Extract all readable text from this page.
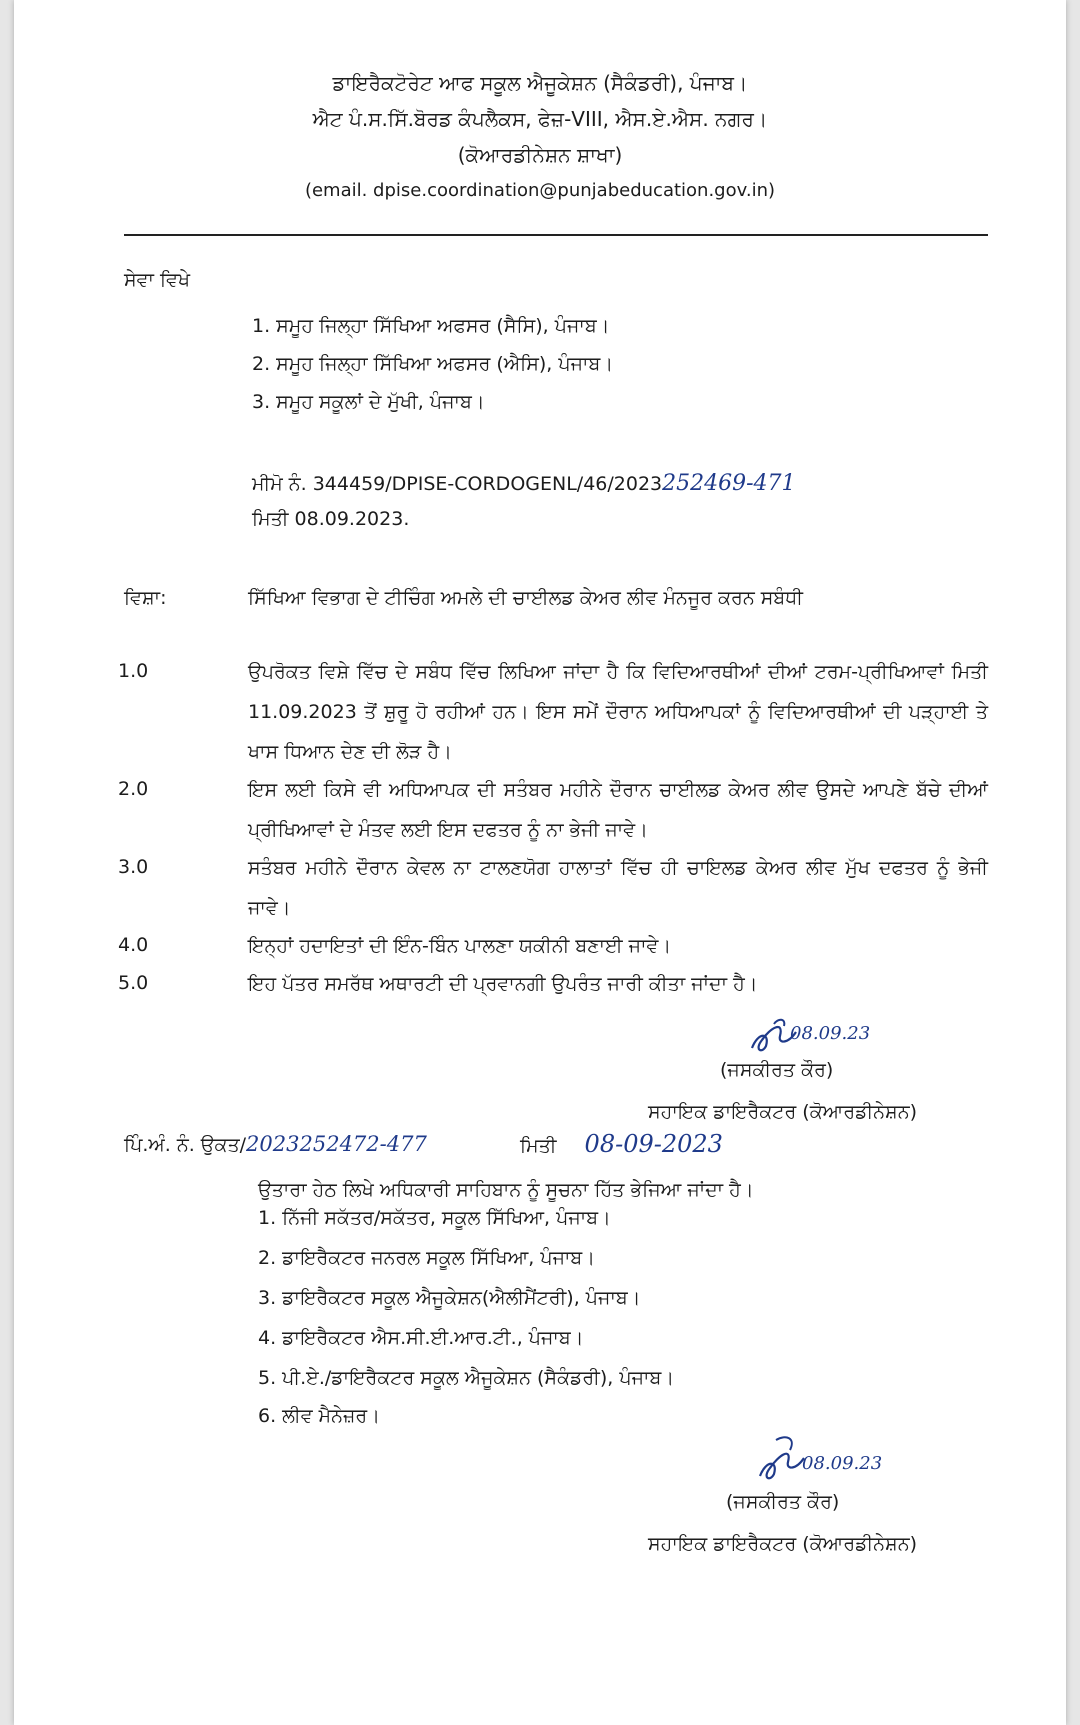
ਡਾਇਰੈਕਟੋਰੇਟ ਆਫ ਸਕੂਲ ਐਜੂਕੇਸ਼ਨ (ਸੈਕੰਡਰੀ), ਪੰਜਾਬ।
ਐਟ ਪੰ.ਸ.ਸਿੱ.ਬੋਰਡ ਕੰਪਲੈਕਸ, ਫੇਜ਼-VIII, ਐਸ.ਏ.ਐਸ. ਨਗਰ।
(ਕੋਆਰਡੀਨੇਸ਼ਨ ਸ਼ਾਖਾ)
(email. dpise.coordination@punjabeducation.gov.in)
ਸੇਵਾ ਵਿਖੇ
1. ਸਮੂਹ ਜਿਲ੍ਹਾ ਸਿੱਖਿਆ ਅਫਸਰ (ਸੈਸਿ), ਪੰਜਾਬ।
2. ਸਮੂਹ ਜਿਲ੍ਹਾ ਸਿੱਖਿਆ ਅਫਸਰ (ਐਸਿ), ਪੰਜਾਬ।
3. ਸਮੂਹ ਸਕੂਲਾਂ ਦੇ ਮੁੱਖੀ, ਪੰਜਾਬ।
ਮੀਮੋ ਨੰ. 344459/DPISE-CORDOGENL/46/2023252469-471
ਮਿਤੀ 08.09.2023.
ਵਿਸ਼ਾ:	ਸਿੱਖਿਆ ਵਿਭਾਗ ਦੇ ਟੀਚਿੰਗ ਅਮਲੇ ਦੀ ਚਾਈਲਡ ਕੇਅਰ ਲੀਵ ਮੰਨਜੂਰ ਕਰਨ ਸਬੰਧੀ
1.0	ਉਪਰੋਕਤ ਵਿਸ਼ੇ ਵਿੱਚ ਦੇ ਸਬੰਧ ਵਿੱਚ ਲਿਖਿਆ ਜਾਂਦਾ ਹੈ ਕਿ ਵਿਦਿਆਰਥੀਆਂ ਦੀਆਂ ਟਰਮ-ਪ੍ਰੀਖਿਆਵਾਂ ਮਿਤੀ 11.09.2023 ਤੋਂ ਸ਼ੁਰੂ ਹੋ ਰਹੀਆਂ ਹਨ। ਇਸ ਸਮੇਂ ਦੌਰਾਨ ਅਧਿਆਪਕਾਂ ਨੂੰ ਵਿਦਿਆਰਥੀਆਂ ਦੀ ਪੜ੍ਹਾਈ ਤੇ ਖਾਸ ਧਿਆਨ ਦੇਣ ਦੀ ਲੋੜ ਹੈ।
2.0	ਇਸ ਲਈ ਕਿਸੇ ਵੀ ਅਧਿਆਪਕ ਦੀ ਸਤੰਬਰ ਮਹੀਨੇ ਦੌਰਾਨ ਚਾਈਲਡ ਕੇਅਰ ਲੀਵ ਉਸਦੇ ਆਪਣੇ ਬੱਚੇ ਦੀਆਂ ਪ੍ਰੀਖਿਆਵਾਂ ਦੇ ਮੰਤਵ ਲਈ ਇਸ ਦਫਤਰ ਨੂੰ ਨਾ ਭੇਜੀ ਜਾਵੇ।
3.0	ਸਤੰਬਰ ਮਹੀਨੇ ਦੌਰਾਨ ਕੇਵਲ ਨਾ ਟਾਲਣਯੋਗ ਹਾਲਾਤਾਂ ਵਿੱਚ ਹੀ ਚਾਇਲਡ ਕੇਅਰ ਲੀਵ ਮੁੱਖ ਦਫਤਰ ਨੂੰ ਭੇਜੀ ਜਾਵੇ।
4.0	ਇਨ੍ਹਾਂ ਹਦਾਇਤਾਂ ਦੀ ਇੰਨ-ਬਿੰਨ ਪਾਲਣਾ ਯਕੀਨੀ ਬਣਾਈ ਜਾਵੇ।
5.0	ਇਹ ਪੱਤਰ ਸਮਰੱਥ ਅਥਾਰਟੀ ਦੀ ਪ੍ਰਵਾਨਗੀ ਉਪਰੰਤ ਜਾਰੀ ਕੀਤਾ ਜਾਂਦਾ ਹੈ।
08.09.23
(ਜਸਕੀਰਤ ਕੌਰ)
ਸਹਾਇਕ ਡਾਇਰੈਕਟਰ (ਕੋਆਰਡੀਨੇਸ਼ਨ)
ਪਿੰ.ਅੰ. ਨੰ. ਉਕਤ/2023252472-477	ਮਿਤੀ 08-09-2023
ਉਤਾਰਾ ਹੇਠ ਲਿਖੇ ਅਧਿਕਾਰੀ ਸਾਹਿਬਾਨ ਨੂੰ ਸੂਚਨਾ ਹਿੱਤ ਭੇਜਿਆ ਜਾਂਦਾ ਹੈ।
1. ਨਿੱਜੀ ਸਕੱਤਰ/ਸਕੱਤਰ, ਸਕੂਲ ਸਿੱਖਿਆ, ਪੰਜਾਬ।
2. ਡਾਇਰੈਕਟਰ ਜਨਰਲ ਸਕੂਲ ਸਿੱਖਿਆ, ਪੰਜਾਬ।
3. ਡਾਇਰੈਕਟਰ ਸਕੂਲ ਐਜੂਕੇਸ਼ਨ(ਐਲੀਮੈਂਟਰੀ), ਪੰਜਾਬ।
4. ਡਾਇਰੈਕਟਰ ਐਸ.ਸੀ.ਈ.ਆਰ.ਟੀ., ਪੰਜਾਬ।
5. ਪੀ.ਏ./ਡਾਇਰੈਕਟਰ ਸਕੂਲ ਐਜੂਕੇਸ਼ਨ (ਸੈਕੰਡਰੀ), ਪੰਜਾਬ।
6. ਲੀਵ ਮੈਨੇਜ਼ਰ।
08.09.23
(ਜਸਕੀਰਤ ਕੌਰ)
ਸਹਾਇਕ ਡਾਇਰੈਕਟਰ (ਕੋਆਰਡੀਨੇਸ਼ਨ)
